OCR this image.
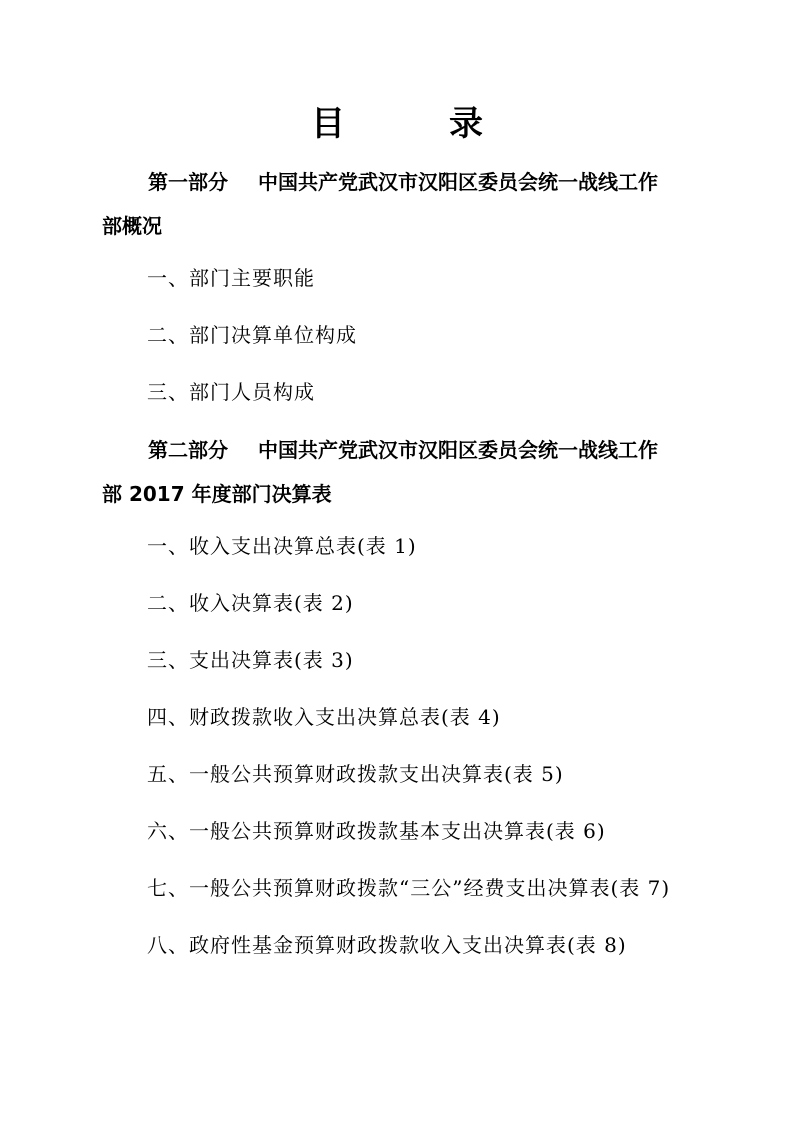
目	录
第一部分 中国共产党武汉市汉阳区委员会统一战线工作
部概况
一、部门主要职能
二、部门决算单位构成
三、部门人员构成
第二部分 中国共产党武汉市汉阳区委员会统一战线工作
部 2017 年度部门决算表
一、收入支出决算总表(表 1)
二、收入决算表(表 2)
三、支出决算表(表 3)
四、财政拨款收入支出决算总表(表 4)
五、一般公共预算财政拨款支出决算表(表 5)
六、一般公共预算财政拨款基本支出决算表(表 6)
七、一般公共预算财政拨款“三公”经费支出决算表(表 7)
八、政府性基金预算财政拨款收入支出决算表(表 8)
